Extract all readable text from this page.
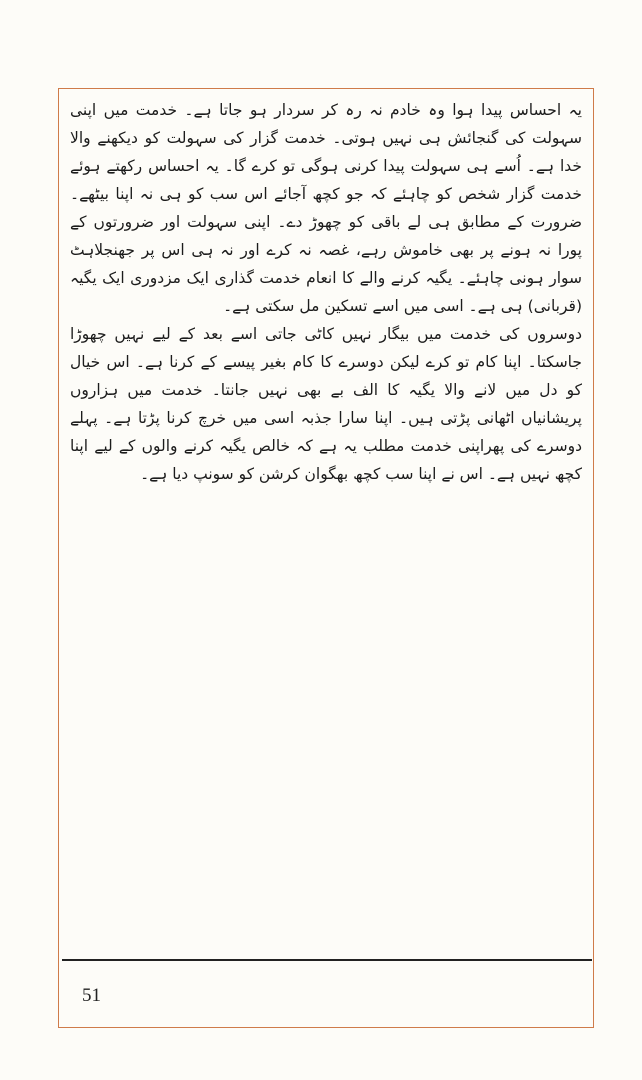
یہ احساس پیدا ہوا وہ خادم نہ رہ کر سردار ہو جاتا ہے۔ خدمت میں اپنی سہولت کی گنجائش ہی نہیں ہوتی۔ خدمت گزار کی سہولت کو دیکھنے والا خدا ہے۔ اُسے ہی سہولت پیدا کرنی ہوگی تو کرے گا۔ یہ احساس رکھتے ہوئے خدمت گزار شخص کو چاہئے کہ جو کچھ آجائے اس سب کو ہی نہ اپنا بیٹھے۔ ضرورت کے مطابق ہی لے باقی کو چھوڑ دے۔ اپنی سہولت اور ضرورتوں کے پورا نہ ہونے پر بھی خاموش رہے، غصہ نہ کرے اور نہ ہی اس پر جھنجلاہٹ سوار ہونی چاہئے۔ یگیہ کرنے والے کا انعام خدمت گذاری ایک مزدوری ایک یگیہ (قربانی) ہی ہے۔ اسی میں اسے تسکین مل سکتی ہے۔

دوسروں کی خدمت میں بیگار نہیں کاٹی جاتی اسے بعد کے لیے نہیں چھوڑا جاسکتا۔ اپنا کام تو کرے لیکن دوسرے کا کام بغیر پیسے کے کرنا ہے۔ اس خیال کو دل میں لانے والا یگیہ کا الف بے بھی نہیں جانتا۔ خدمت میں ہزاروں پریشانیاں اٹھانی پڑتی ہیں۔ اپنا سارا جذبہ اسی میں خرچ کرنا پڑتا ہے۔ پہلے دوسرے کی پھراپنی خدمت مطلب یہ ہے کہ خالص یگیہ کرنے والوں کے لیے اپنا کچھ نہیں ہے۔ اس نے اپنا سب کچھ بھگوان کرشن کو سونپ دیا ہے۔

51
